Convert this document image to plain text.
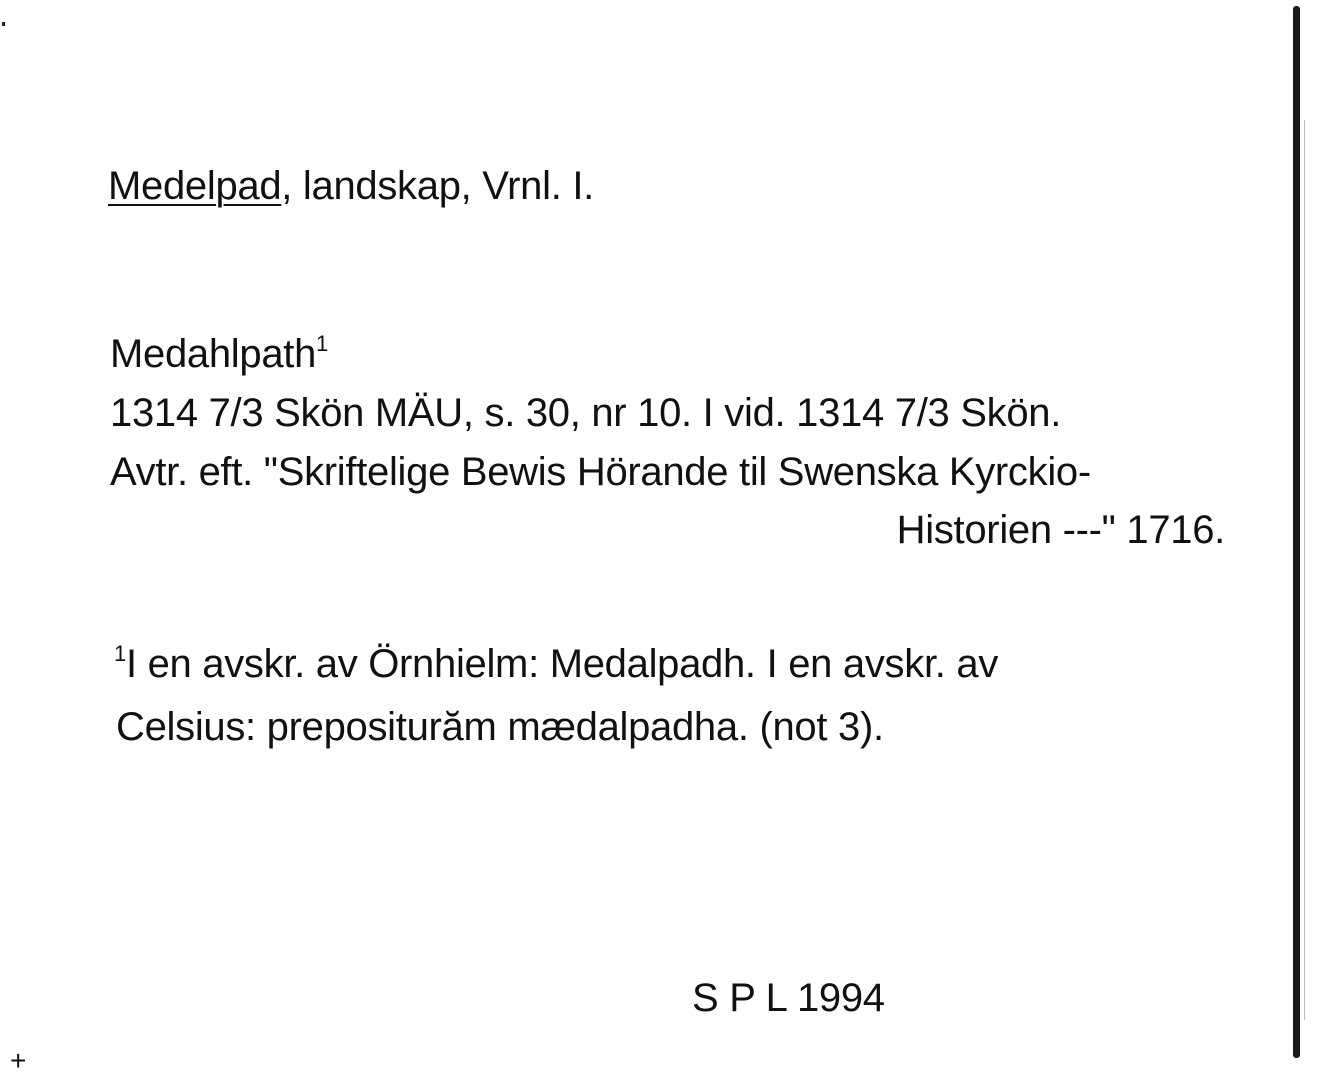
Medelpad, landskap, Vrnl. I.
Medahlpath$^1$
1314 7/3 Skön MÄU, s. 30, nr 10. I vid. 1314 7/3 Skön.
Avtr. eft. "Skriftelige Bewis Hörande til Swenska Kyrckio-
Historien ---" 1716.
$^1$I en avskr. av Örnhielm: Medalpadh. I en avskr. av
Celsius: prepositurăm mædalpadha. (not 3).
S P L 1994
+
